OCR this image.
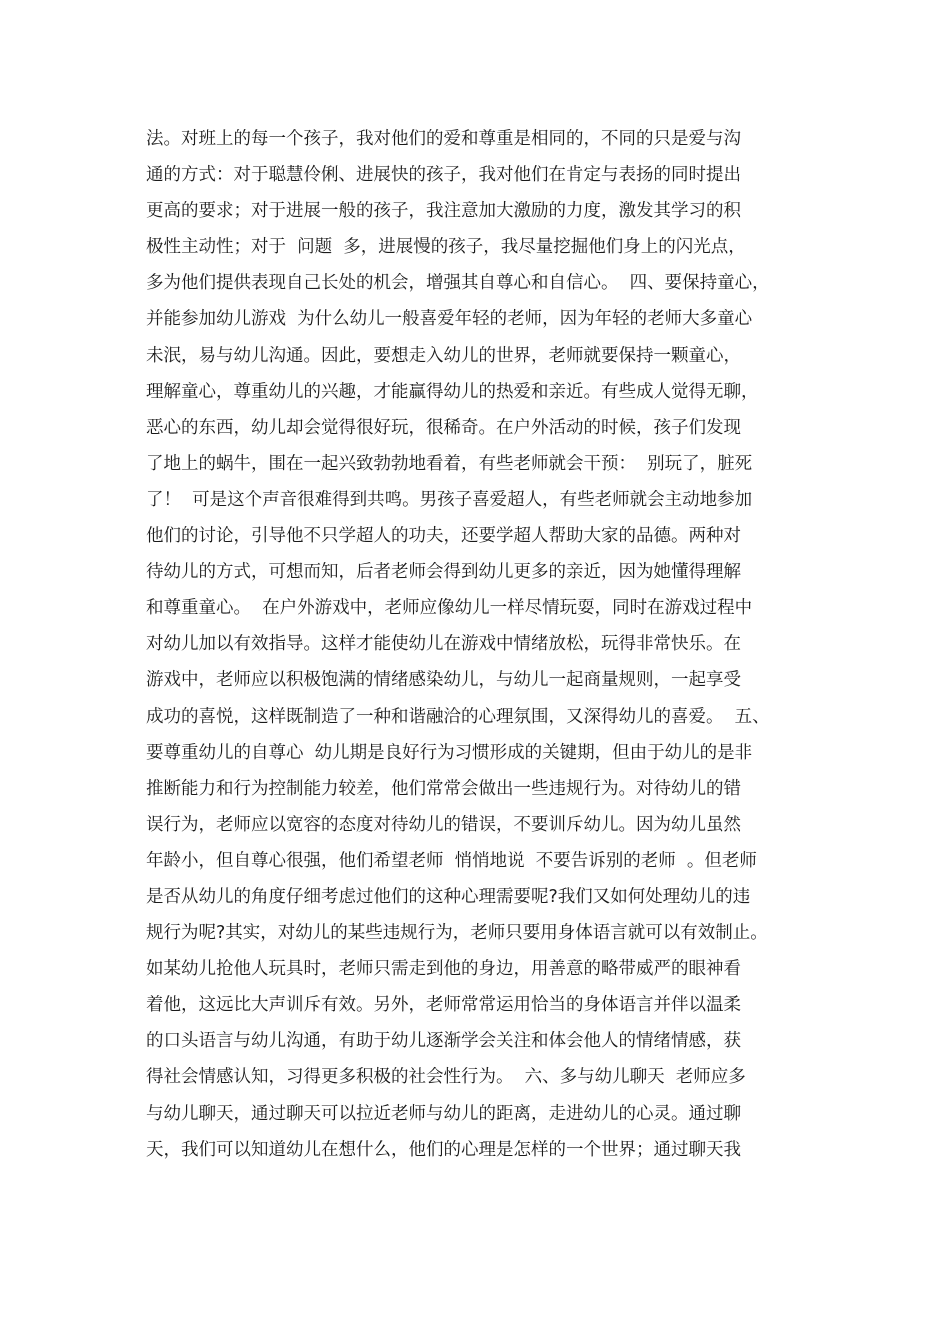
法。对班上的每一个孩子，我对他们的爱和尊重是相同的，不同的只是爱与沟
通的方式：对于聪慧伶俐、进展快的孩子，我对他们在肯定与表扬的同时提出
更高的要求；对于进展一般的孩子，我注意加大激励的力度，激发其学习的积
极性主动性；对于  问题  多，进展慢的孩子，我尽量挖掘他们身上的闪光点，
多为他们提供表现自己长处的机会，增强其自尊心和自信心。  四、要保持童心，
并能参加幼儿游戏  为什么幼儿一般喜爱年轻的老师，因为年轻的老师大多童心
未泯，易与幼儿沟通。因此，要想走入幼儿的世界，老师就要保持一颗童心，
理解童心，尊重幼儿的兴趣，才能赢得幼儿的热爱和亲近。有些成人觉得无聊，
恶心的东西，幼儿却会觉得很好玩，很稀奇。在户外活动的时候，孩子们发现
了地上的蜗牛，围在一起兴致勃勃地看着，有些老师就会干预：  别玩了，脏死
了！  可是这个声音很难得到共鸣。男孩子喜爱超人，有些老师就会主动地参加
他们的讨论，引导他不只学超人的功夫，还要学超人帮助大家的品德。两种对
待幼儿的方式，可想而知，后者老师会得到幼儿更多的亲近，因为她懂得理解
和尊重童心。  在户外游戏中，老师应像幼儿一样尽情玩耍，同时在游戏过程中
对幼儿加以有效指导。这样才能使幼儿在游戏中情绪放松，玩得非常快乐。在
游戏中，老师应以积极饱满的情绪感染幼儿，与幼儿一起商量规则，一起享受
成功的喜悦，这样既制造了一种和谐融洽的心理氛围，又深得幼儿的喜爱。  五、
要尊重幼儿的自尊心  幼儿期是良好行为习惯形成的关键期，但由于幼儿的是非
推断能力和行为控制能力较差，他们常常会做出一些违规行为。对待幼儿的错
误行为，老师应以宽容的态度对待幼儿的错误，不要训斥幼儿。因为幼儿虽然
年龄小，但自尊心很强，他们希望老师  悄悄地说  不要告诉别的老师  。但老师
是否从幼儿的角度仔细考虑过他们的这种心理需要呢?我们又如何处理幼儿的违
规行为呢?其实，对幼儿的某些违规行为，老师只要用身体语言就可以有效制止。
如某幼儿抢他人玩具时，老师只需走到他的身边，用善意的略带威严的眼神看
着他，这远比大声训斥有效。另外，老师常常运用恰当的身体语言并伴以温柔
的口头语言与幼儿沟通，有助于幼儿逐渐学会关注和体会他人的情绪情感，获
得社会情感认知，习得更多积极的社会性行为。  六、多与幼儿聊天  老师应多
与幼儿聊天，通过聊天可以拉近老师与幼儿的距离，走进幼儿的心灵。通过聊
天，我们可以知道幼儿在想什么，他们的心理是怎样的一个世界；通过聊天我
